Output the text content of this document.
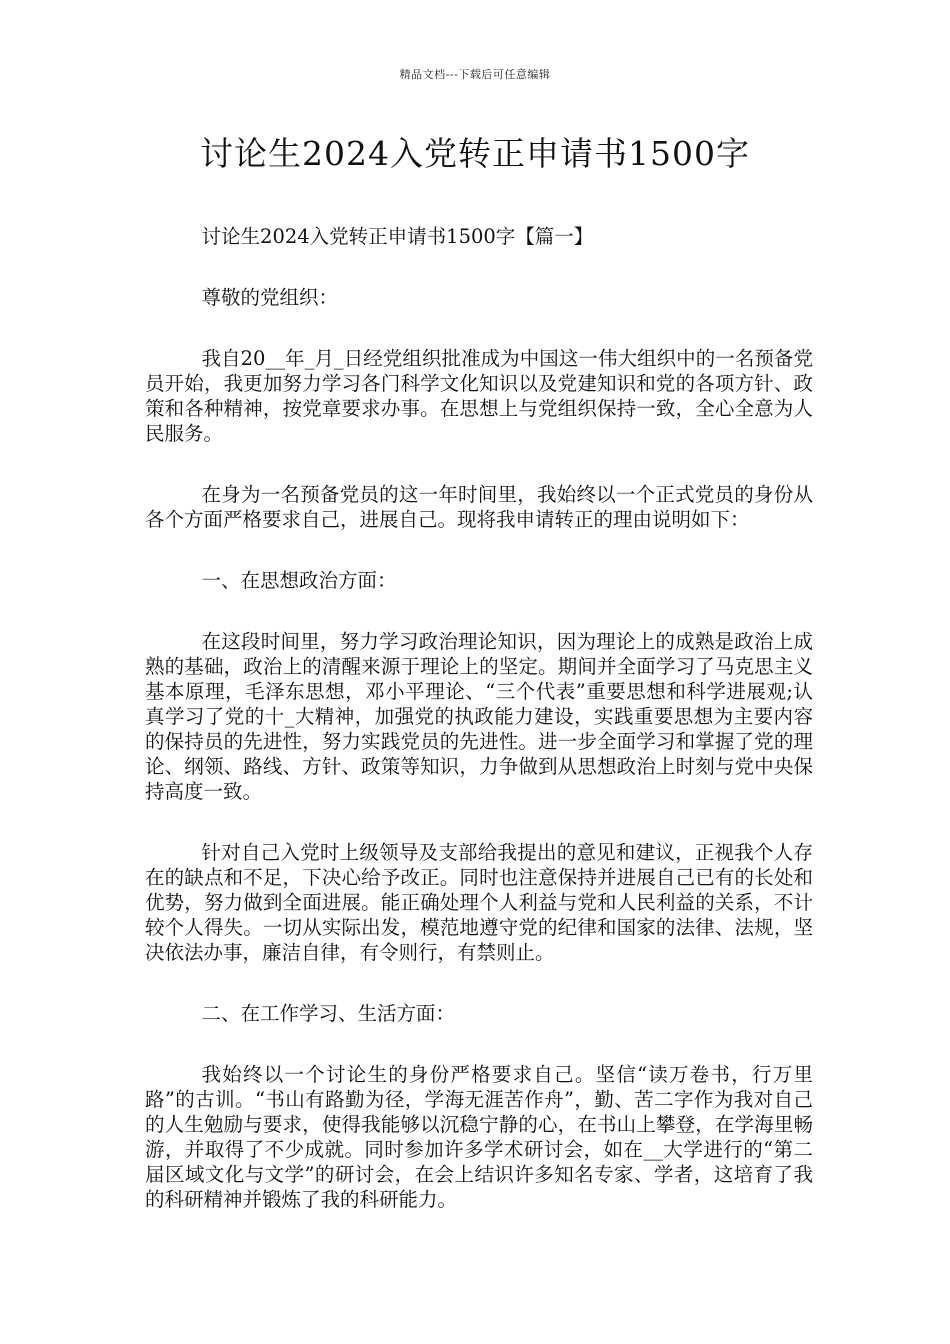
精品文档---下载后可任意编辑
讨论生2024入党转正申请书1500字

讨论生2024入党转正申请书1500字【篇一】

尊敬的党组织：

我自20__年_月_日经党组织批准成为中国这一伟大组织中的一名预备党员开始，我更加努力学习各门科学文化知识以及党建知识和党的各项方针、政策和各种精神，按党章要求办事。在思想上与党组织保持一致，全心全意为人民服务。

在身为一名预备党员的这一年时间里，我始终以一个正式党员的身份从各个方面严格要求自己，进展自己。现将我申请转正的理由说明如下：

一、在思想政治方面：

在这段时间里，努力学习政治理论知识，因为理论上的成熟是政治上成熟的基础，政治上的清醒来源于理论上的坚定。期间并全面学习了马克思主义基本原理，毛泽东思想，邓小平理论、“三个代表”重要思想和科学进展观;认真学习了党的十_大精神，加强党的执政能力建设，实践重要思想为主要内容的保持员的先进性，努力实践党员的先进性。进一步全面学习和掌握了党的理论、纲领、路线、方针、政策等知识，力争做到从思想政治上时刻与党中央保持高度一致。

针对自己入党时上级领导及支部给我提出的意见和建议，正视我个人存在的缺点和不足，下决心给予改正。同时也注意保持并进展自己已有的长处和优势，努力做到全面进展。能正确处理个人利益与党和人民利益的关系，不计较个人得失。一切从实际出发，模范地遵守党的纪律和国家的法律、法规，坚决依法办事，廉洁自律，有令则行，有禁则止。

二、在工作学习、生活方面：

我始终以一个讨论生的身份严格要求自己。坚信“读万卷书，行万里路”的古训。“书山有路勤为径，学海无涯苦作舟”，勤、苦二字作为我对自己的人生勉励与要求，使得我能够以沉稳宁静的心，在书山上攀登，在学海里畅游，并取得了不少成就。同时参加许多学术研讨会，如在__大学进行的“第二届区域文化与文学”的研讨会，在会上结识许多知名专家、学者，这培育了我的科研精神并锻炼了我的科研能力。
